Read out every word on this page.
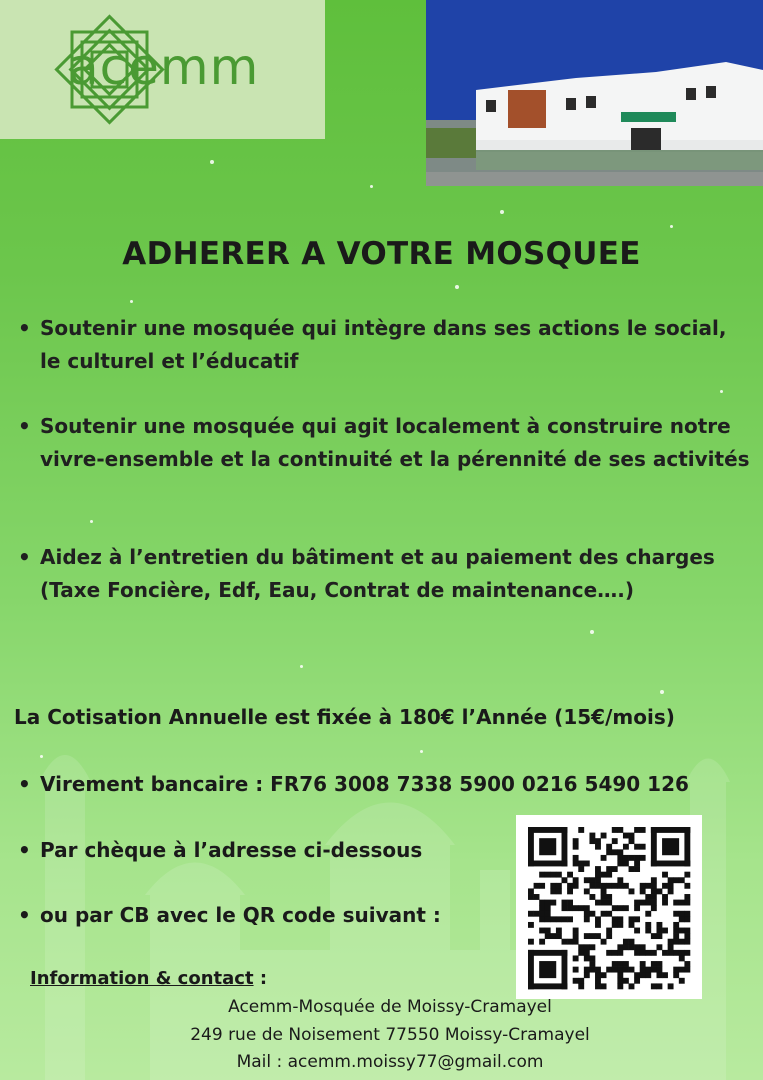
acemm
ADHERER A VOTRE MOSQUEE
• Soutenir une mosquée qui intègre dans ses actions le social, le culturel et l’éducatif
• Soutenir une mosquée qui agit localement à construire notre vivre-ensemble et la continuité et la pérennité de ses activités
• Aidez à l’entretien du bâtiment et au paiement des charges (Taxe Foncière, Edf, Eau, Contrat de maintenance….)
La Cotisation Annuelle est fixée à 180€ l’Année (15€/mois)
• Virement bancaire : FR76 3008 7338 5900 0216 5490 126
• Par chèque à l’adresse ci-dessous
• ou par CB avec le QR code suivant :
Information & contact :
Acemm-Mosquée de Moissy-Cramayel
249 rue de Noisement 77550 Moissy-Cramayel
Mail : acemm.moissy77@gmail.com
